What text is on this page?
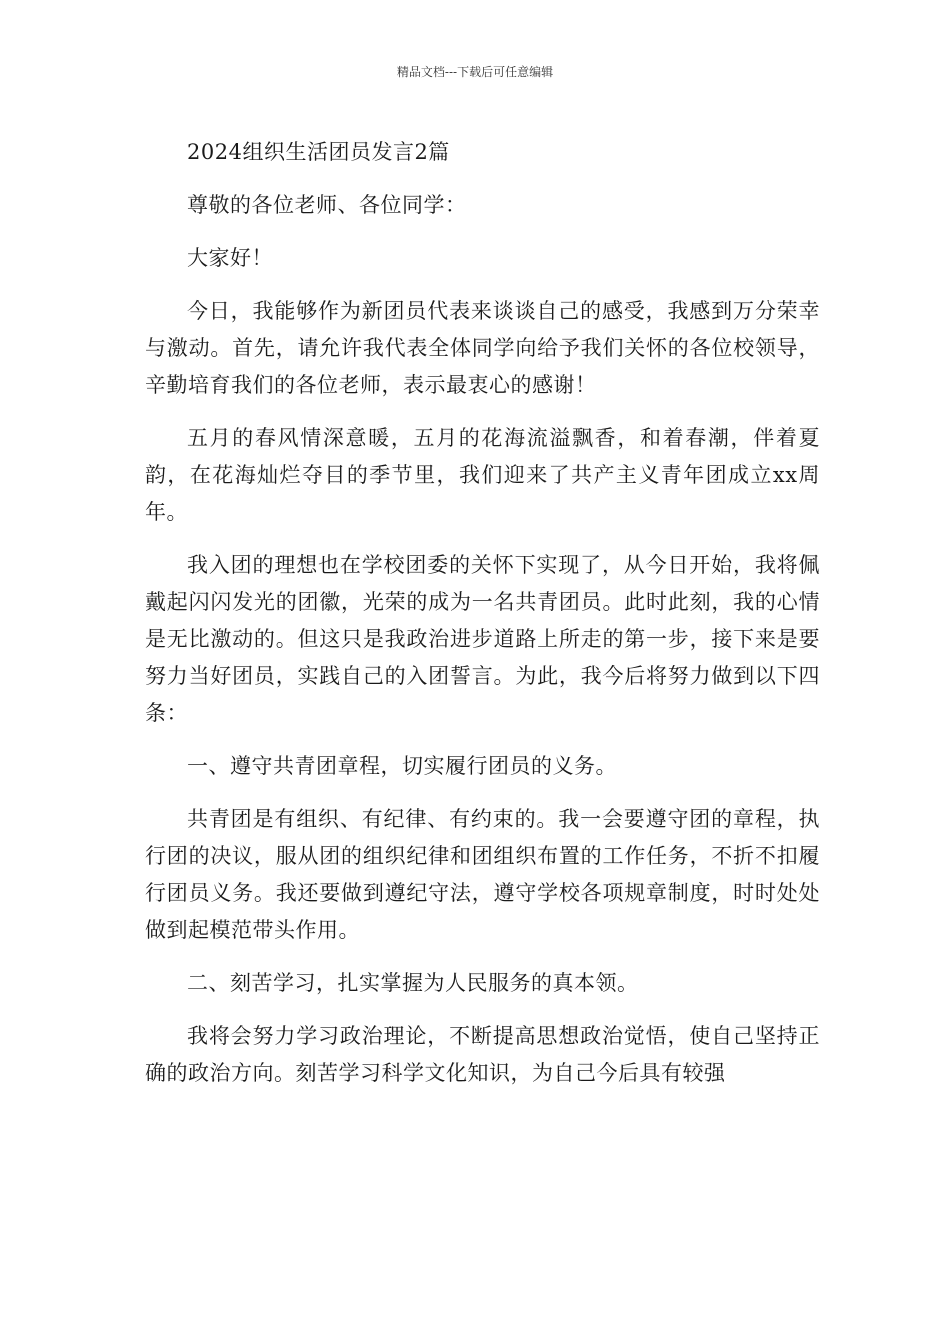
精品文档---下载后可任意编辑

2024组织生活团员发言2篇

尊敬的各位老师、各位同学：

大家好！

今日，我能够作为新团员代表来谈谈自己的感受，我感到万分荣幸与激动。首先，请允许我代表全体同学向给予我们关怀的各位校领导，辛勤培育我们的各位老师，表示最衷心的感谢！

五月的春风情深意暖，五月的花海流溢飘香，和着春潮，伴着夏韵，在花海灿烂夺目的季节里，我们迎来了共产主义青年团成立xx周年。

我入团的理想也在学校团委的关怀下实现了，从今日开始，我将佩戴起闪闪发光的团徽，光荣的成为一名共青团员。此时此刻，我的心情是无比激动的。但这只是我政治进步道路上所走的第一步，接下来是要努力当好团员，实践自己的入团誓言。为此，我今后将努力做到以下四条：

一、遵守共青团章程，切实履行团员的义务。

共青团是有组织、有纪律、有约束的。我一会要遵守团的章程，执行团的决议，服从团的组织纪律和团组织布置的工作任务，不折不扣履行团员义务。我还要做到遵纪守法，遵守学校各项规章制度，时时处处做到起模范带头作用。

二、刻苦学习，扎实掌握为人民服务的真本领。

我将会努力学习政治理论，不断提高思想政治觉悟，使自己坚持正确的政治方向。刻苦学习科学文化知识，为自己今后具有较强
